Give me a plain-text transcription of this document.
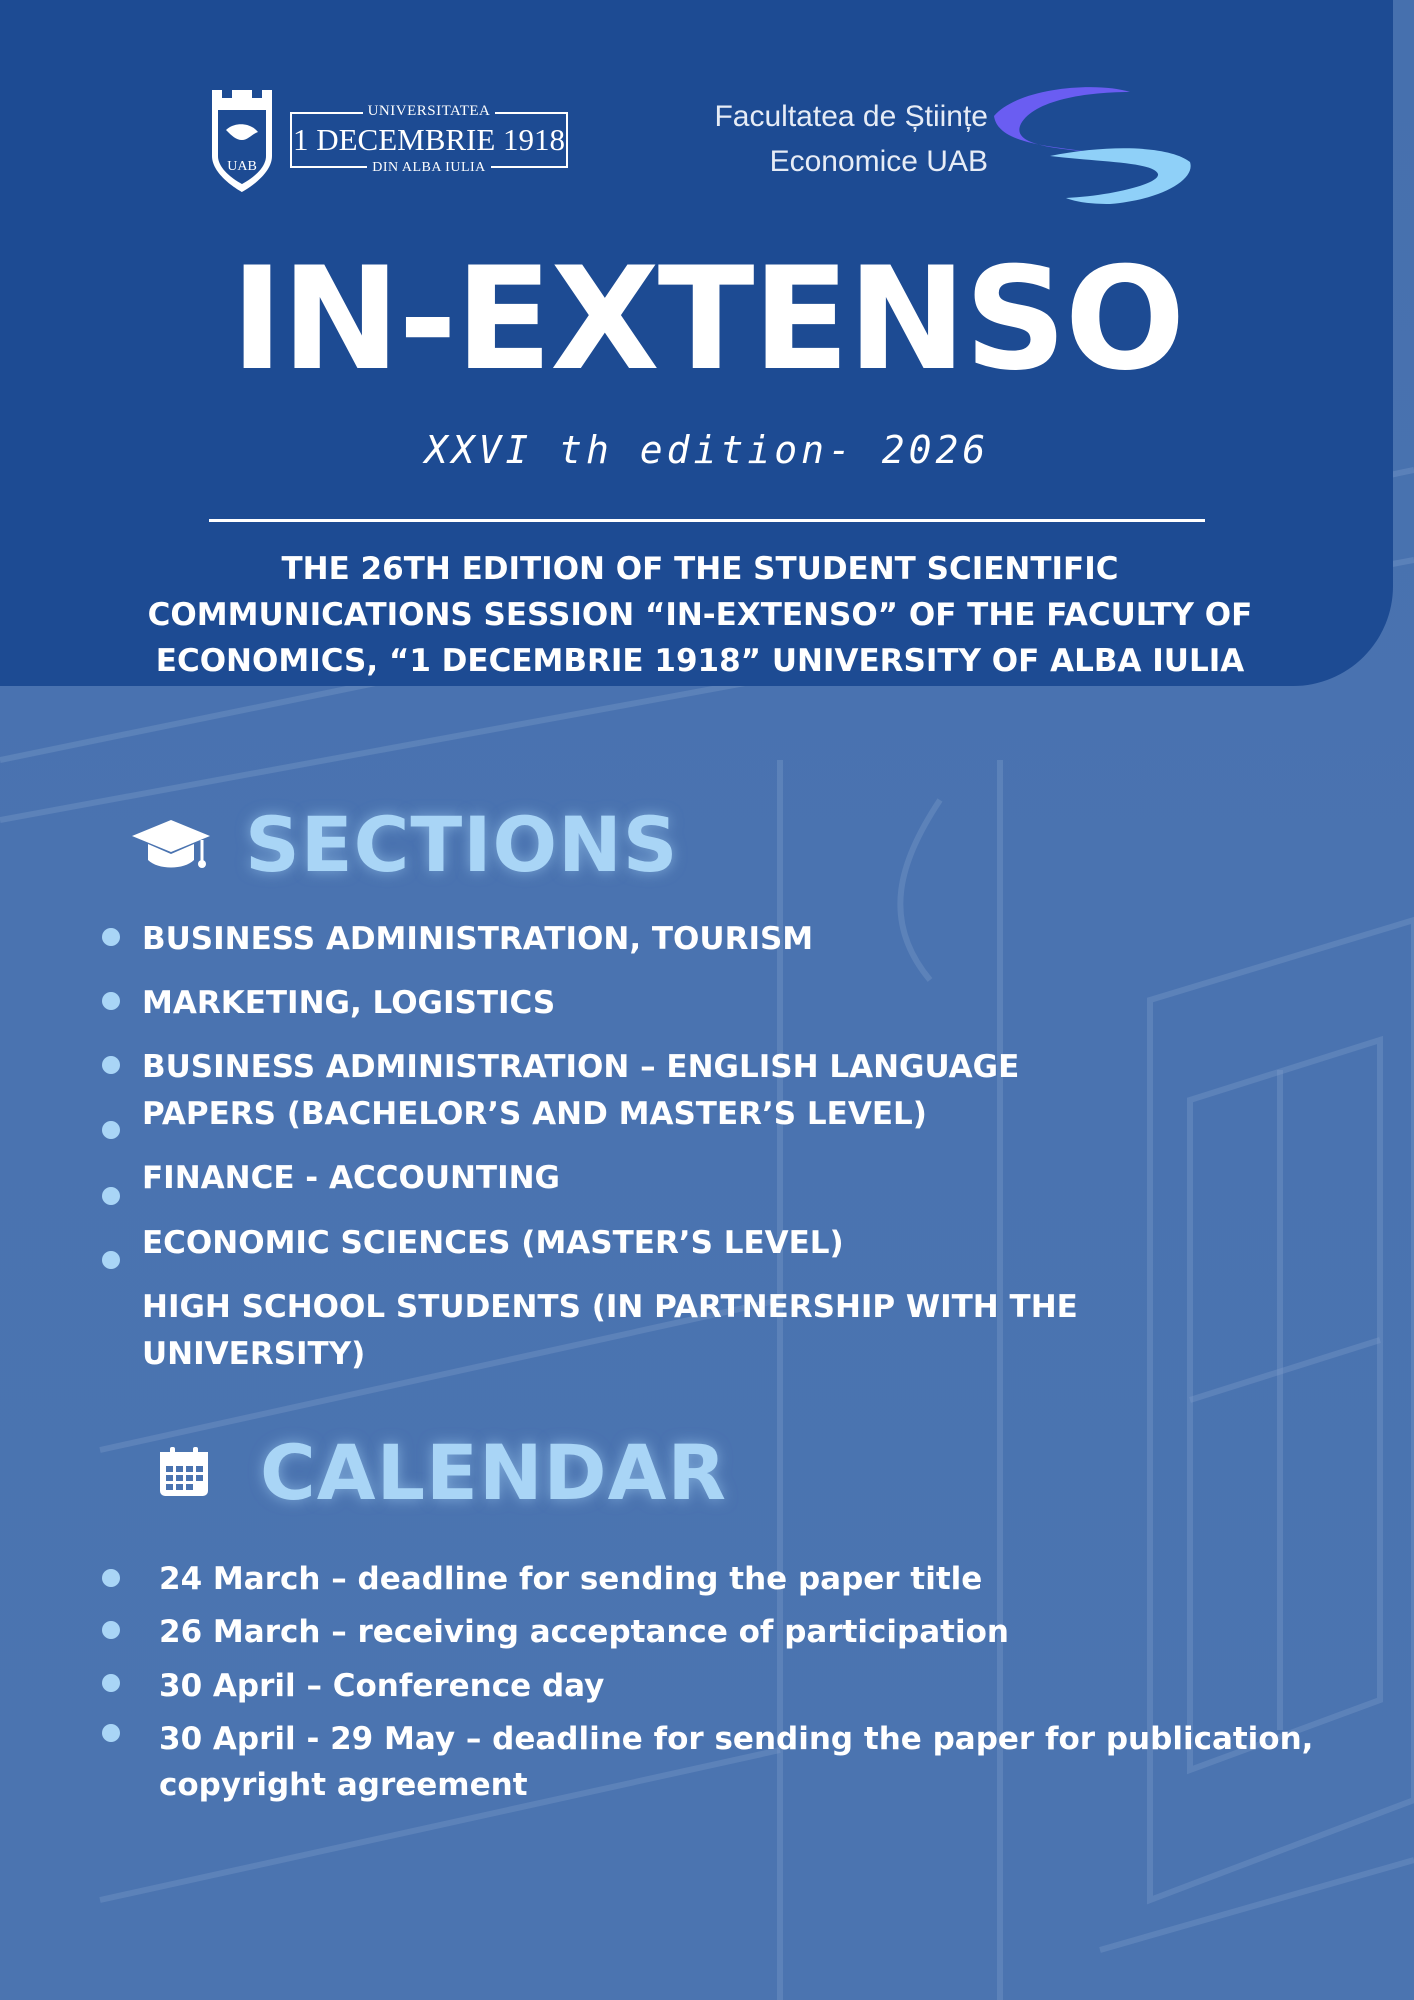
UAB
UNIVERSITATEA
1 DECEMBRIE 1918
DIN ALBA IULIA
Facultatea de Științe
Economice UAB
IN-EXTENSO
XXVI th edition- 2026
THE 26TH EDITION OF THE STUDENT SCIENTIFIC
COMMUNICATIONS SESSION “IN-EXTENSO” OF THE FACULTY OF
ECONOMICS, “1 DECEMBRIE 1918” UNIVERSITY OF ALBA IULIA
SECTIONS
BUSINESS ADMINISTRATION, TOURISM
MARKETING, LOGISTICS
BUSINESS ADMINISTRATION – ENGLISH LANGUAGE
PAPERS (BACHELOR’S AND MASTER’S LEVEL)
FINANCE - ACCOUNTING
ECONOMIC SCIENCES (MASTER’S LEVEL)
HIGH SCHOOL STUDENTS (IN PARTNERSHIP WITH THE
UNIVERSITY)
CALENDAR
24 March – deadline for sending the paper title
26 March – receiving acceptance of participation
30 April – Conference day
30 April - 29 May – deadline for sending the paper for publication,
copyright agreement
